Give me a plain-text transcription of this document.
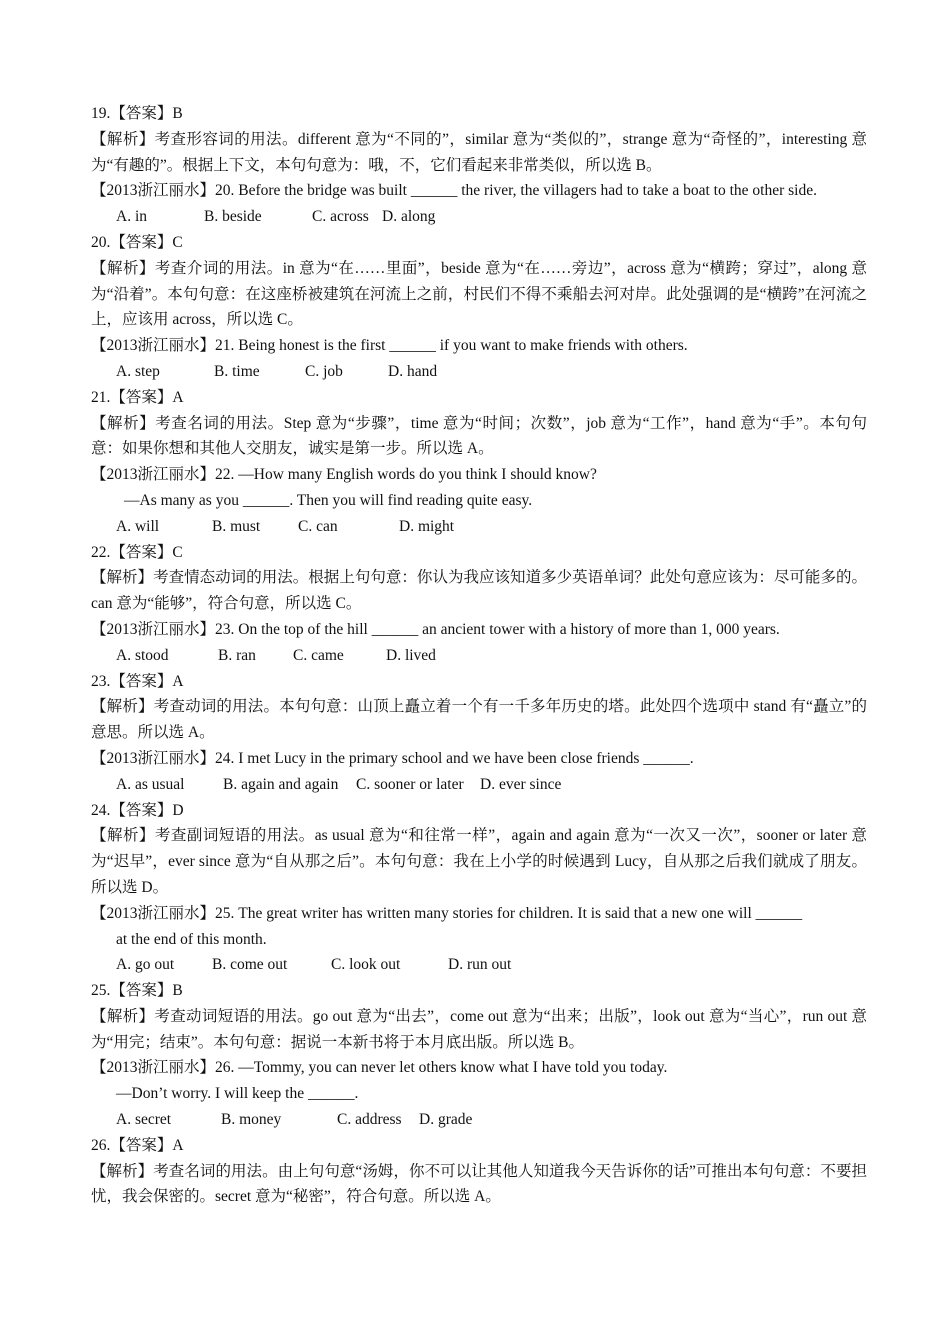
19.【答案】B
【解析】考查形容词的用法。different 意为“不同的”，similar 意为“类似的”，strange 意为“奇怪的”，interesting 意为“有趣的”。根据上下文，本句句意为：哦，不，它们看起来非常类似，所以选 B。
【2013浙江丽水】20. Before the bridge was built ______ the river, the villagers had to take a boat to the other side.
A. in	B. beside	C. across D. along
20.【答案】C
【解析】考查介词的用法。in 意为“在……里面”，beside 意为“在……旁边”，across 意为“横跨；穿过”，along 意为“沿着”。本句句意：在这座桥被建筑在河流上之前，村民们不得不乘船去河对岸。此处强调的是“横跨”在河流之上，应该用 across，所以选 C。
【2013浙江丽水】21. Being honest is the first ______ if you want to make friends with others.
A. step	B. time	C. job	D. hand
21.【答案】A
【解析】考查名词的用法。Step 意为“步骤”，time 意为“时间；次数”，job 意为“工作”，hand 意为“手”。本句句意：如果你想和其他人交朋友，诚实是第一步。所以选 A。
【2013浙江丽水】22. —How many English words do you think I should know?
—As many as you ______. Then you will find reading quite easy.
A. will	B. must C. can	D. might
22.【答案】C
【解析】考查情态动词的用法。根据上句句意：你认为我应该知道多少英语单词？此处句意应该为：尽可能多的。can 意为“能够”，符合句意，所以选 C。
【2013浙江丽水】23. On the top of the hill ______ an ancient tower with a history of more than 1, 000 years.
A. stood	B. ran C. came	D. lived
23.【答案】A
【解析】考查动词的用法。本句句意：山顶上矗立着一个有一千多年历史的塔。此处四个选项中 stand 有“矗立”的意思。所以选 A。
【2013浙江丽水】24. I met Lucy in the primary school and we have been close friends ______.
A. as usual B. again and again C. sooner or later D. ever since
24.【答案】D
【解析】考查副词短语的用法。as usual 意为“和往常一样”，again and again 意为“一次又一次”，sooner or later 意为“迟早”，ever since 意为“自从那之后”。本句句意：我在上小学的时候遇到 Lucy，自从那之后我们就成了朋友。所以选 D。
【2013浙江丽水】25. The great writer has written many stories for children. It is said that a new one will ______
at the end of this month.
A. go out B. come out	C. look out	D. run out
25.【答案】B
【解析】考查动词短语的用法。go out 意为“出去”，come out 意为“出来；出版”，look out 意为“当心”，run out 意为“用完；结束”。本句句意：据说一本新书将于本月底出版。所以选 B。
【2013浙江丽水】26. —Tommy, you can never let others know what I have told you today.
—Don’t worry. I will keep the ______.
A. secret	B. money	C. address D. grade
26.【答案】A
【解析】考查名词的用法。由上句句意“汤姆，你不可以让其他人知道我今天告诉你的话”可推出本句句意：不要担忧，我会保密的。secret 意为“秘密”，符合句意。所以选 A。
